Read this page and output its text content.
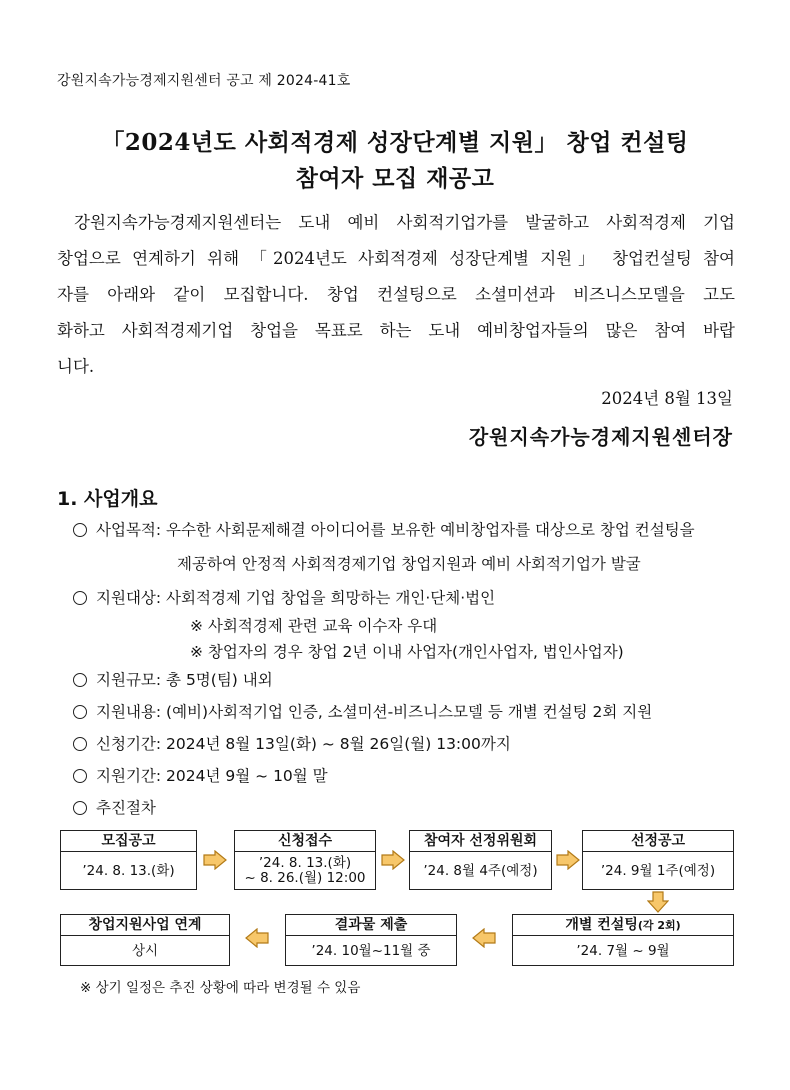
강원지속가능경제지원센터 공고 제 2024-41호
「2024년도 사회적경제 성장단계별 지원」 창업 컨설팅
참여자 모집 재공고
강원지속가능경제지원센터는 도내 예비 사회적기업가를 발굴하고 사회적경제 기업
창업으로 연계하기 위해 「2024년도 사회적경제 성장단계별 지원」 창업컨설팅 참여
자를 아래와 같이 모집합니다. 창업 컨설팅으로 소셜미션과 비즈니스모델을 고도
화하고 사회적경제기업 창업을 목표로 하는 도내 예비창업자들의 많은 참여 바랍
니다.
2024년 8월 13일
강원지속가능경제지원센터장
1. 사업개요
사업목적: 우수한 사회문제해결 아이디어를 보유한 예비창업자를 대상으로 창업 컨설팅을
제공하여 안정적 사회적경제기업 창업지원과 예비 사회적기업가 발굴
지원대상: 사회적경제 기업 창업을 희망하는 개인·단체·법인
※ 사회적경제 관련 교육 이수자 우대
※ 창업자의 경우 창업 2년 이내 사업자(개인사업자, 법인사업자)
지원규모: 총 5명(팀) 내외
지원내용: (예비)사회적기업 인증, 소셜미션-비즈니스모델 등 개별 컨설팅 2회 지원
신청기간: 2024년 8월 13일(화) ~ 8월 26일(월) 13:00까지
지원기간: 2024년 9월 ~ 10월 말
추진절차
모집공고
’24. 8. 13.(화)
신청접수
’24. 8. 13.(화)
~ 8. 26.(월) 12:00
참여자 선정위원회
’24. 8월 4주(예정)
선정공고
’24. 9월 1주(예정)
창업지원사업 연계
상시
결과물 제출
’24. 10월~11월 중
개별 컨설팅(각 2회)
’24. 7월 ~ 9월
※ 상기 일정은 추진 상황에 따라 변경될 수 있음
